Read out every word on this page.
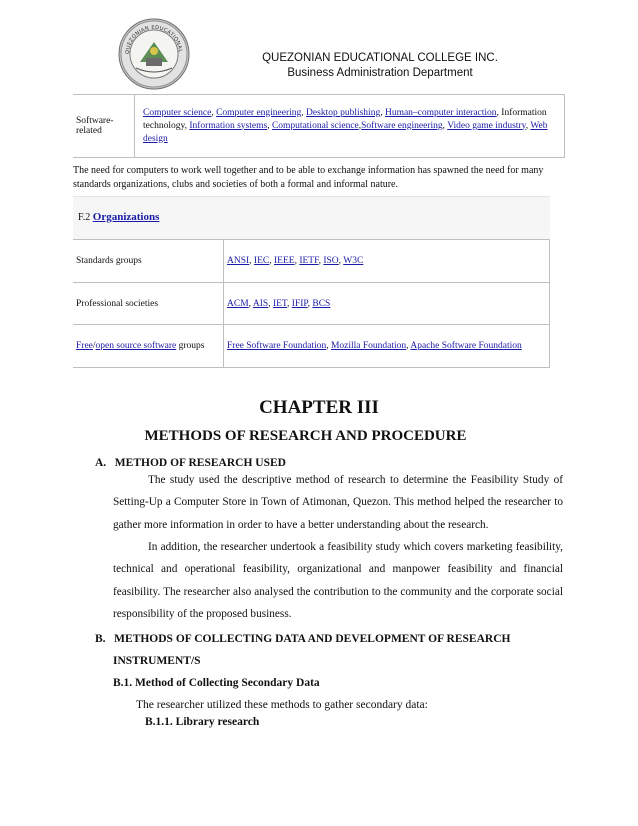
QUEZONIAN EDUCATIONAL
QUEZONIAN EDUCATIONAL COLLEGE INC.
Business Administration Department
Software-related	Computer science, Computer engineering, Desktop publishing, Human–computer interaction, Information technology, Information systems, Computational science,Software engineering, Video game industry, Web design
The need for computers to work well together and to be able to exchange information has spawned the need for many standards organizations, clubs and societies of both a formal and informal nature.
F.2 Organizations
Standards groups	ANSI, IEC, IEEE, IETF, ISO, W3C
Professional societies	ACM, AIS, IET, IFIP, BCS
Free/open source software groups	Free Software Foundation, Mozilla Foundation, Apache Software Foundation
CHAPTER III
METHODS OF RESEARCH AND PROCEDURE
A.   METHOD OF RESEARCH USED
The study used the descriptive method of research to determine the Feasibility Study of Setting-Up a Computer Store in Town of Atimonan, Quezon. This method helped the researcher to gather more information in order to have a better understanding about the research.
In addition, the researcher undertook a feasibility study which covers marketing feasibility, technical and operational feasibility, organizational and manpower feasibility and financial feasibility. The researcher also analysed the contribution to the community and the corporate social responsibility of the proposed business.
B.   METHODS OF COLLECTING DATA AND DEVELOPMENT OF RESEARCH
INSTRUMENT/S
B.1. Method of Collecting Secondary Data
The researcher utilized these methods to gather secondary data:
B.1.1. Library research
